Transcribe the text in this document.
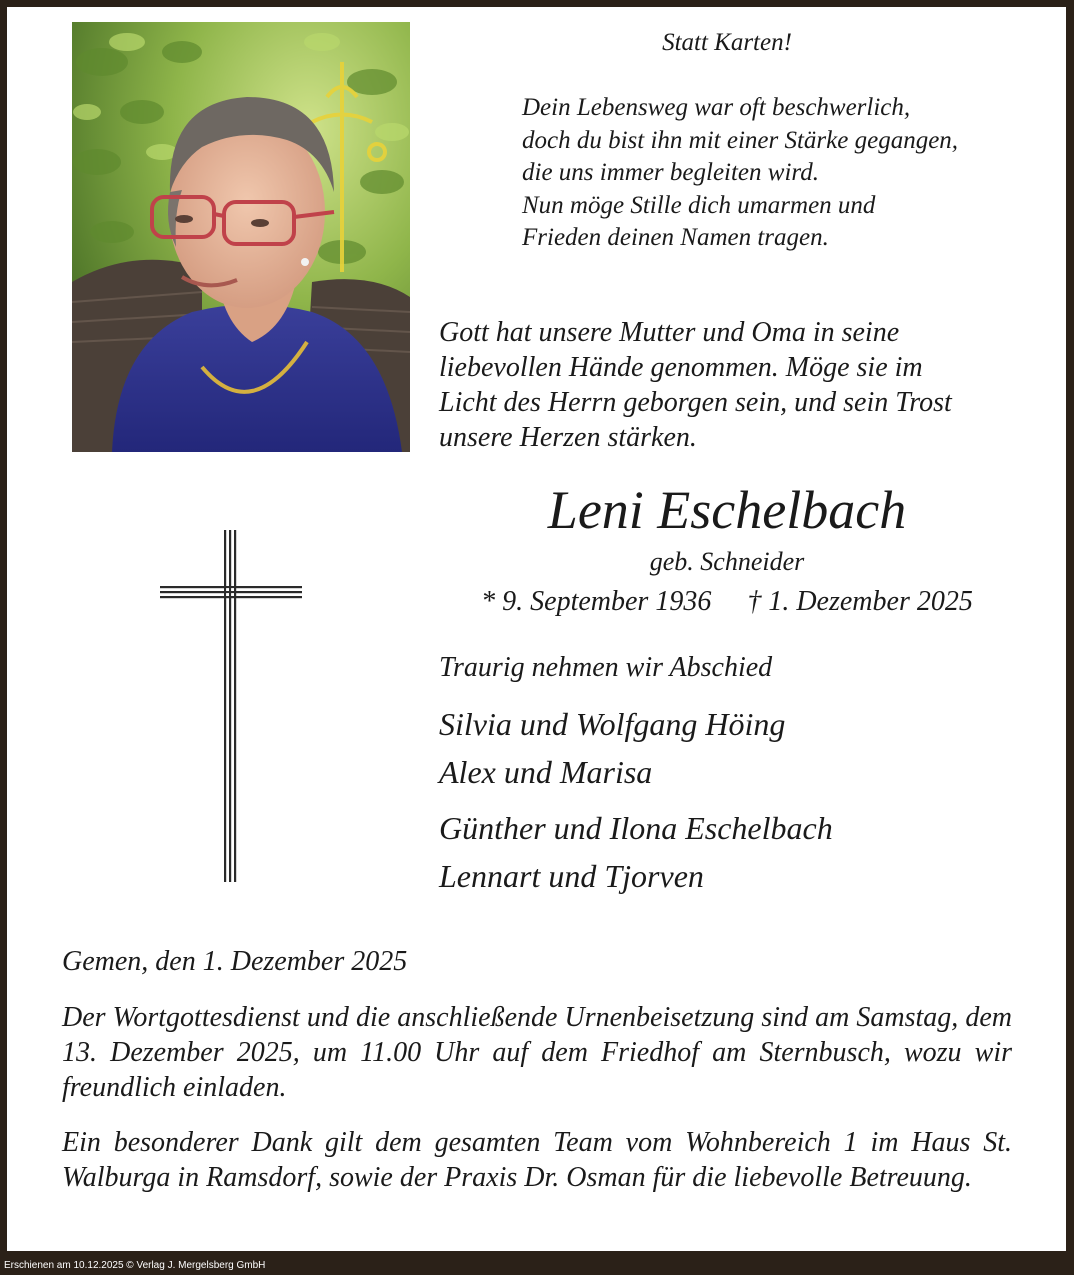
Statt Karten!
Dein Lebensweg war oft beschwerlich,
doch du bist ihn mit einer Stärke gegangen,
die uns immer begleiten wird.
Nun möge Stille dich umarmen und
Frieden deinen Namen tragen.
Gott hat unsere Mutter und Oma in seine
liebevollen Hände genommen. Möge sie im
Licht des Herrn geborgen sein, und sein Trost
unsere Herzen stärken.
Leni Eschelbach
geb. Schneider
* 9. September 1936 † 1. Dezember 2025
Traurig nehmen wir Abschied
Silvia und Wolfgang Höing
Alex und Marisa
Günther und Ilona Eschelbach
Lennart und Tjorven
Gemen, den 1. Dezember 2025
Der Wortgottesdienst und die anschließende Urnenbeisetzung sind am Samstag, dem 13. Dezember 2025, um 11.00 Uhr auf dem Friedhof am Sternbusch, wozu wir freundlich einladen.
Ein besonderer Dank gilt dem gesamten Team vom Wohnbereich 1 im Haus St. Walburga in Ramsdorf, sowie der Praxis Dr. Osman für die liebevolle Betreuung.
Erschienen am 10.12.2025 © Verlag J. Mergelsberg GmbH
